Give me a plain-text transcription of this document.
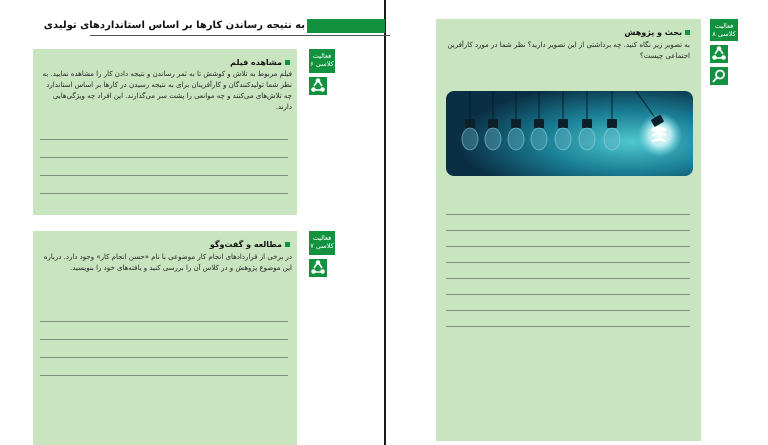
به نتیجه رساندن کارها بر اساس استانداردهای تولیدی
فعالیت
کلاسی ۶
مشاهده فیلم
فیلم مربوط به تلاش و کوشش تا به ثمر رساندن و نتیجه دادن کار را مشاهده نمایید. به نظر شما تولیدکنندگان و کارآفرینان برای به نتیجه رسیدن در کارها بر اساس استاندارد چه تلاش‌های می‌کنند و چه موانعی را پشت سر می‌گذارند. این افراد چه ویژگی‌هایی دارند.
فعالیت
کلاسی ۷
مطالعه و گفت‌وگو
در برخی از قراردادهای انجام کار موضوعی با نام «حسن انجام کار» وجود دارد. درباره این موضوع پژوهش و در کلاس آن را بررسی کنید و یافته‌های خود را بنویسید.
فعالیت
کلاسی ۸
بحث و پژوهش
به تصویر زیر نگاه کنید. چه برداشتی از این تصویر دارید؟ نظر شما در مورد کارآفرین اجتماعی چیست؟
